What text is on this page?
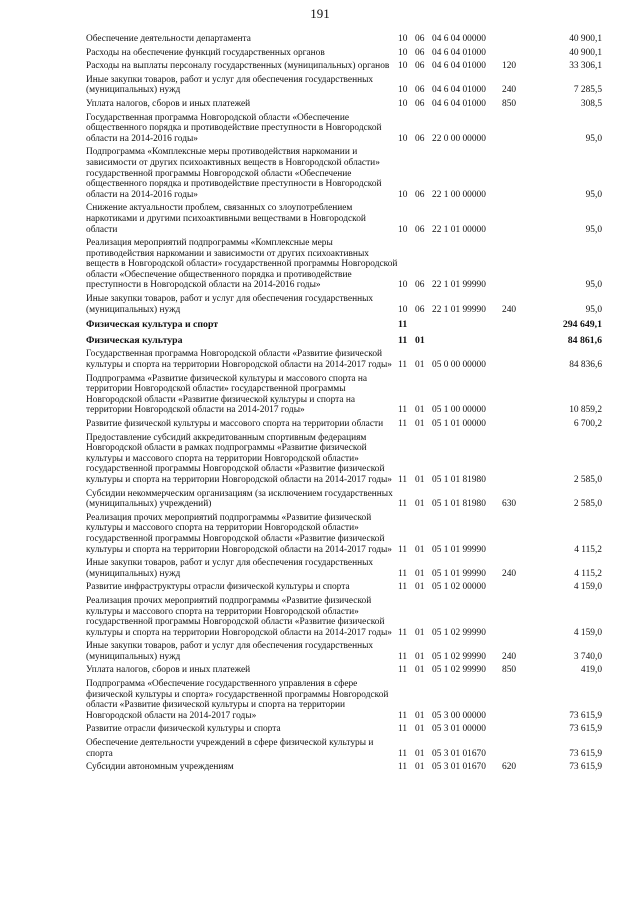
191
Обеспечение деятельности департамента	10	06	04 6 04 00000		40 900,1
Расходы на обеспечение функций государственных органов	10	06	04 6 04 01000		40 900,1
Расходы на выплаты персоналу государственных (муниципальных) органов	10	06	04 6 04 01000	120	33 306,1
Иные закупки товаров, работ и услуг для обеспечения государственных (муниципальных) нужд	10	06	04 6 04 01000	240	7 285,5
Уплата налогов, сборов и иных платежей	10	06	04 6 04 01000	850	308,5
Государственная программа Новгородской области «Обеспечение общественного порядка и противодействие преступности в Новгородской области на 2014-2016 годы»	10	06	22 0 00 00000		95,0
Подпрограмма «Комплексные меры противодействия наркомании и зависимости от других психоактивных веществ в Новгородской области» государственной программы Новгородской области «Обеспечение общественного порядка и противодействие преступности в Новгородской области на 2014-2016 годы»	10	06	22 1 00 00000		95,0
Снижение актуальности проблем, связанных со злоупотреблением наркотиками и другими психоактивными веществами в Новгородской области	10	06	22 1 01 00000		95,0
Реализация мероприятий подпрограммы «Комплексные меры противодействия наркомании и зависимости от других психоактивных веществ в Новгородской области» государственной программы Новгородской области «Обеспечение общественного порядка и противодействие преступности в Новгородской области на 2014-2016 годы»	10	06	22 1 01 99990		95,0
Иные закупки товаров, работ и услуг для обеспечения государственных (муниципальных) нужд	10	06	22 1 01 99990	240	95,0
Физическая культура и спорт	11				294 649,1
Физическая культура	11	01			84 861,6
Государственная программа Новгородской области «Развитие физической культуры и спорта на территории Новгородской области на 2014-2017 годы»	11	01	05 0 00 00000		84 836,6
Подпрограмма «Развитие физической культуры и массового спорта на территории Новгородской области» государственной программы Новгородской области «Развитие физической культуры и спорта на территории Новгородской области на 2014-2017 годы»	11	01	05 1 00 00000		10 859,2
Развитие физической культуры и массового спорта на территории области	11	01	05 1 01 00000		6 700,2
Предоставление субсидий аккредитованным спортивным федерациям Новгородской области в рамках подпрограммы «Развитие физической культуры и массового спорта на территории Новгородской области» государственной программы Новгородской области «Развитие физической культуры и спорта на территории Новгородской области на 2014-2017 годы»	11	01	05 1 01 81980		2 585,0
Субсидии некоммерческим организациям (за исключением государственных (муниципальных) учреждений)	11	01	05 1 01 81980	630	2 585,0
Реализация прочих мероприятий подпрограммы «Развитие физической культуры и массового спорта на территории Новгородской области» государственной программы Новгородской области «Развитие физической культуры и спорта на территории Новгородской области на 2014-2017 годы»	11	01	05 1 01 99990		4 115,2
Иные закупки товаров, работ и услуг для обеспечения государственных (муниципальных) нужд	11	01	05 1 01 99990	240	4 115,2
Развитие инфраструктуры отрасли физической культуры и спорта	11	01	05 1 02 00000		4 159,0
Реализация прочих мероприятий подпрограммы «Развитие физической культуры и массового спорта на территории Новгородской области» государственной программы Новгородской области «Развитие физической культуры и спорта на территории Новгородской области на 2014-2017 годы»	11	01	05 1 02 99990		4 159,0
Иные закупки товаров, работ и услуг для обеспечения государственных (муниципальных) нужд	11	01	05 1 02 99990	240	3 740,0
Уплата налогов, сборов и иных платежей	11	01	05 1 02 99990	850	419,0
Подпрограмма «Обеспечение государственного управления в сфере физической культуры и спорта» государственной программы Новгородской области «Развитие физической культуры и спорта на территории Новгородской области на 2014-2017 годы»	11	01	05 3 00 00000		73 615,9
Развитие отрасли физической культуры и спорта	11	01	05 3 01 00000		73 615,9
Обеспечение деятельности учреждений в сфере физической культуры и спорта	11	01	05 3 01 01670		73 615,9
Субсидии автономным учреждениям	11	01	05 3 01 01670	620	73 615,9
